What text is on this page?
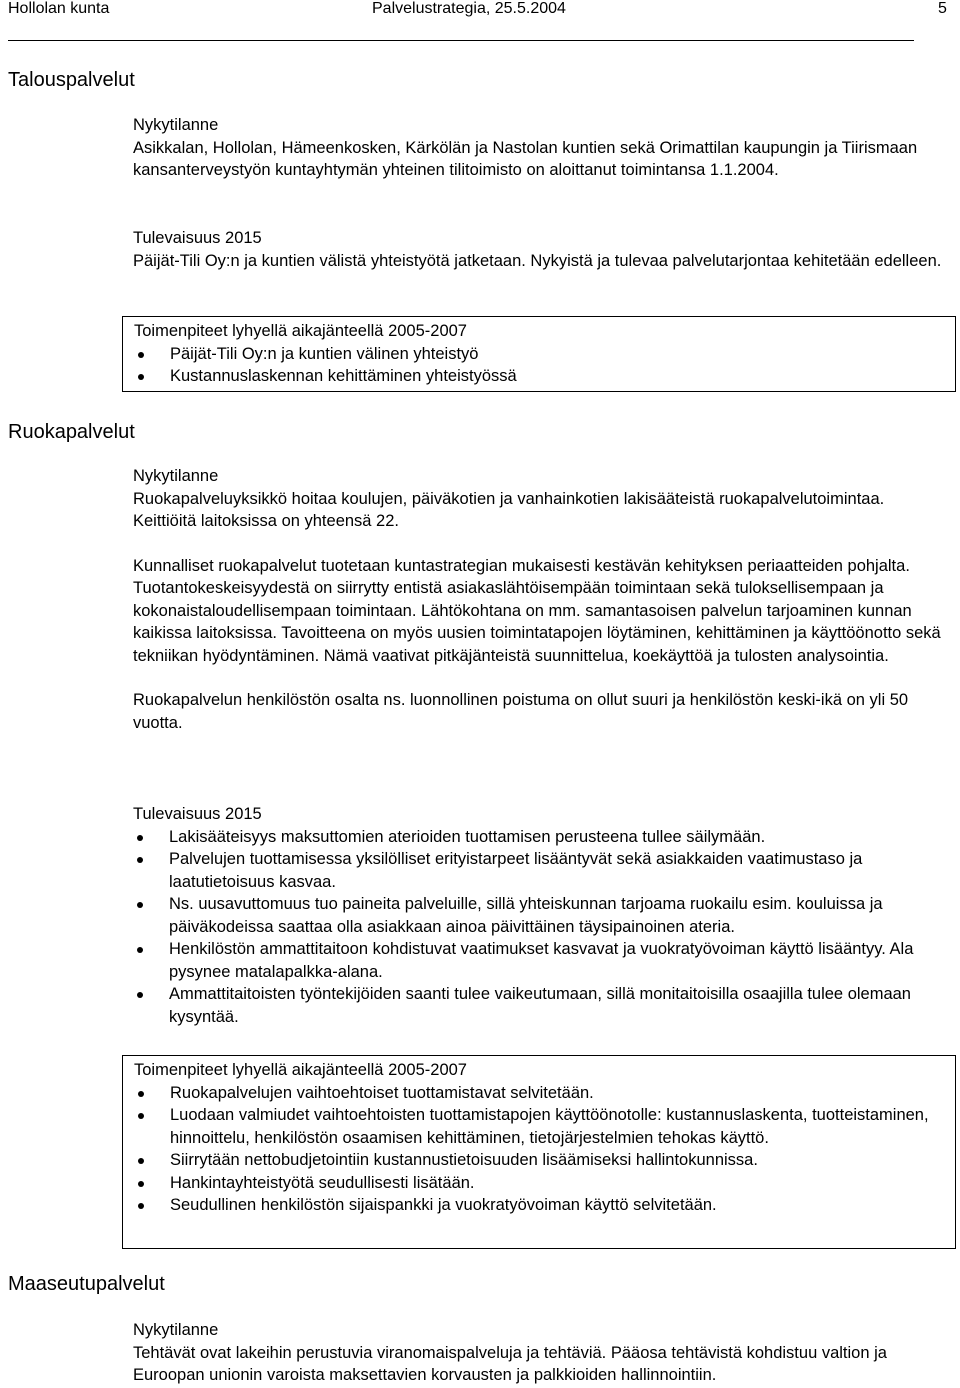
Hollolan kunta	Palvelustrategia, 25.5.2004	5
Talouspalvelut

Nykytilanne

Asikkalan, Hollolan, Hämeenkosken, Kärkölän ja Nastolan kuntien sekä Orimattilan kaupungin ja Tiirismaan kansanterveystyön kuntayhtymän yhteinen tilitoimisto on aloittanut toimintansa 1.1.2004.

Tulevaisuus 2015

Päijät-Tili Oy:n ja kuntien välistä yhteistyötä jatketaan. Nykyistä ja tulevaa palvelutarjontaa kehitetään edelleen.

Toimenpiteet lyhyellä aikajänteellä 2005-2007

Päijät-Tili Oy:n ja kuntien välinen yhteistyö
Kustannuslaskennan kehittäminen yhteistyössä
Ruokapalvelut

Nykytilanne

Ruokapalveluyksikkö hoitaa koulujen, päiväkotien ja vanhainkotien lakisääteistä ruokapalvelutoimintaa. Keittiöitä laitoksissa on yhteensä 22.

Kunnalliset ruokapalvelut tuotetaan kuntastrategian mukaisesti kestävän kehityksen periaatteiden pohjalta. Tuotantokeskeisyydestä on siirrytty entistä asiakaslähtöisempään toimintaan sekä tuloksellisempaan ja kokonaistaloudellisempaan toimintaan. Lähtökohtana on mm. samantasoisen palvelun tarjoaminen kunnan kaikissa laitoksissa. Tavoitteena on myös uusien toimintatapojen löytäminen, kehittäminen ja käyttöönotto sekä tekniikan hyödyntäminen. Nämä vaativat pitkäjänteistä suunnittelua, koekäyttöä ja tulosten analysointia.

Ruokapalvelun henkilöstön osalta ns. luonnollinen poistuma on ollut suuri ja henkilöstön keski-ikä on yli 50 vuotta.

Tulevaisuus 2015

Lakisääteisyys maksuttomien aterioiden tuottamisen perusteena tullee säilymään.
Palvelujen tuottamisessa yksilölliset erityistarpeet lisääntyvät sekä asiakkaiden vaatimustaso ja laatutietoisuus kasvaa.
Ns. uusavuttomuus tuo paineita palveluille, sillä yhteiskunnan tarjoama ruokailu esim. kouluissa ja päiväkodeissa saattaa olla asiakkaan ainoa päivittäinen täysipainoinen ateria.
Henkilöstön ammattitaitoon kohdistuvat vaatimukset kasvavat ja vuokratyövoiman käyttö lisääntyy. Ala pysynee matalapalkka-alana.
Ammattitaitoisten työntekijöiden saanti tulee vaikeutumaan, sillä monitaitoisilla osaajilla tulee olemaan kysyntää.

Toimenpiteet lyhyellä aikajänteellä 2005-2007

Ruokapalvelujen vaihtoehtoiset tuottamistavat selvitetään.
Luodaan valmiudet vaihtoehtoisten tuottamistapojen käyttöönotolle: kustannuslaskenta, tuotteistaminen, hinnoittelu, henkilöstön osaamisen kehittäminen, tietojärjestelmien tehokas käyttö.
Siirrytään nettobudjetointiin kustannustietoisuuden lisäämiseksi hallintokunnissa.
Hankintayhteistyötä seudullisesti lisätään.
Seudullinen henkilöstön sijaispankki ja vuokratyövoiman käyttö selvitetään.
Maaseutupalvelut

Nykytilanne

Tehtävät ovat lakeihin perustuvia viranomaispalveluja ja tehtäviä. Pääosa tehtävistä kohdistuu valtion ja Euroopan unionin varoista maksettavien korvausten ja palkkioiden hallinnointiin.
